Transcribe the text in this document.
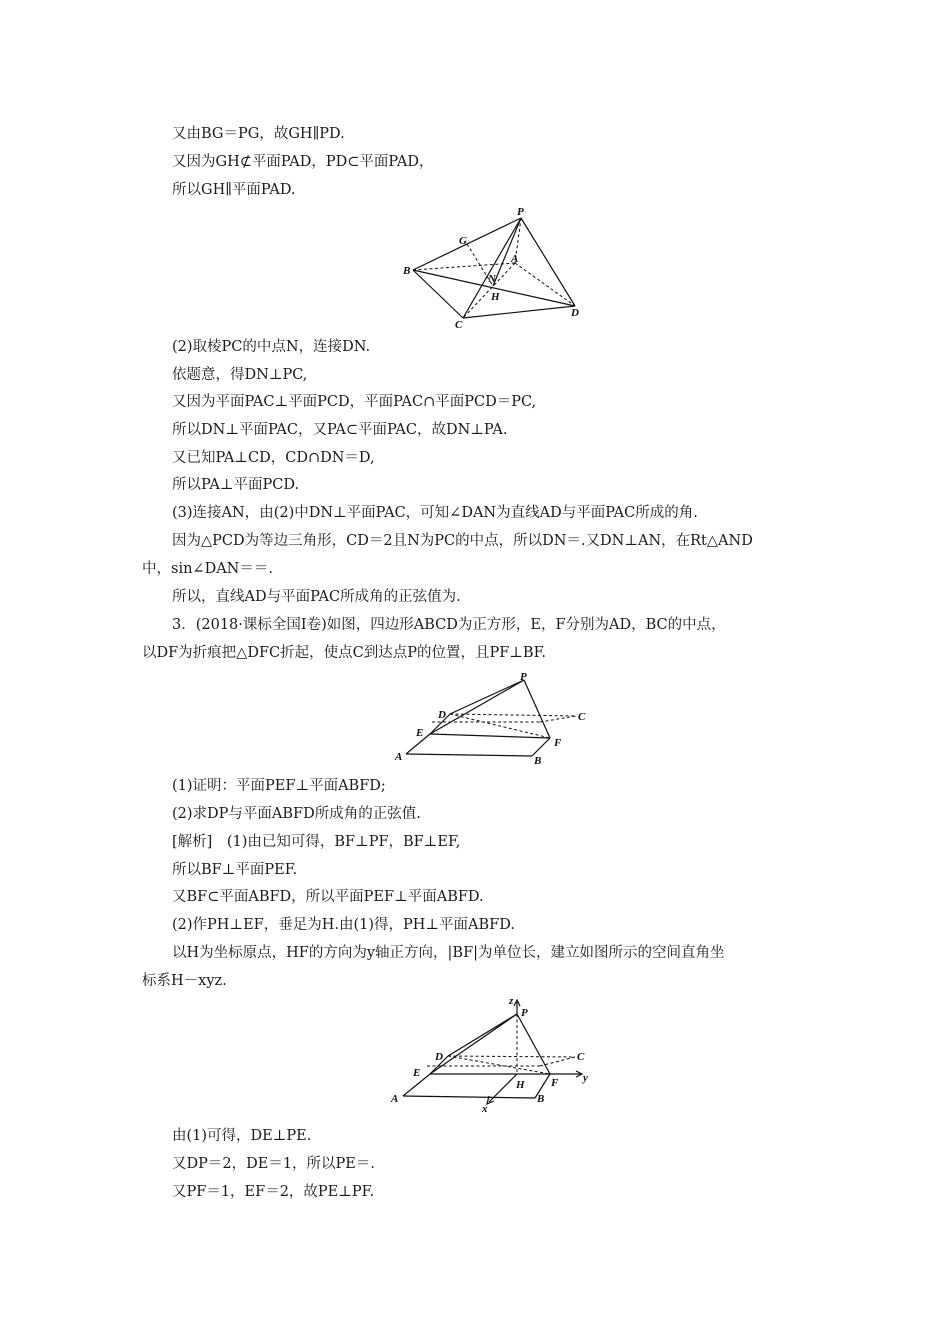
又由BG＝PG，故GH∥PD.
又因为GH⊄平面PAD，PD⊂平面PAD，
所以GH∥平面PAD.
P
G
A
N
H
B
C
D
(2)取棱PC的中点N，连接DN.
依题意，得DN⊥PC,
又因为平面PAC⊥平面PCD，平面PAC∩平面PCD＝PC,
所以DN⊥平面PAC，又PA⊂平面PAC，故DN⊥PA.
又已知PA⊥CD，CD∩DN＝D,
所以PA⊥平面PCD.
(3)连接AN，由(2)中DN⊥平面PAC，可知∠DAN为直线AD与平面PAC所成的角.
因为△PCD为等边三角形，CD＝2且N为PC的中点，所以DN＝.又DN⊥AN，在Rt△AND
中，sin∠DAN＝＝.
所以，直线AD与平面PAC所成角的正弦值为.
3．(2018·课标全国Ⅰ卷)如图，四边形ABCD为正方形，E，F分别为AD，BC的中点，
以DF为折痕把△DFC折起，使点C到达点P的位置，且PF⊥BF.
P
D	C
E
F
A	B
(1)证明：平面PEF⊥平面ABFD;
(2)求DP与平面ABFD所成角的正弦值.
[解析]　(1)由已知可得，BF⊥PF，BF⊥EF,
所以BF⊥平面PEF.
又BF⊂平面ABFD，所以平面PEF⊥平面ABFD.
(2)作PH⊥EF，垂足为H.由(1)得，PH⊥平面ABFD.
以H为坐标原点，HF的方向为y轴正方向，|BF|为单位长，建立如图所示的空间直角坐
标系H－xyz.
z
P
D	C
E
H F y
A	B
x
由(1)可得，DE⊥PE.
又DP＝2，DE＝1，所以PE＝.
又PF＝1，EF＝2，故PE⊥PF.
